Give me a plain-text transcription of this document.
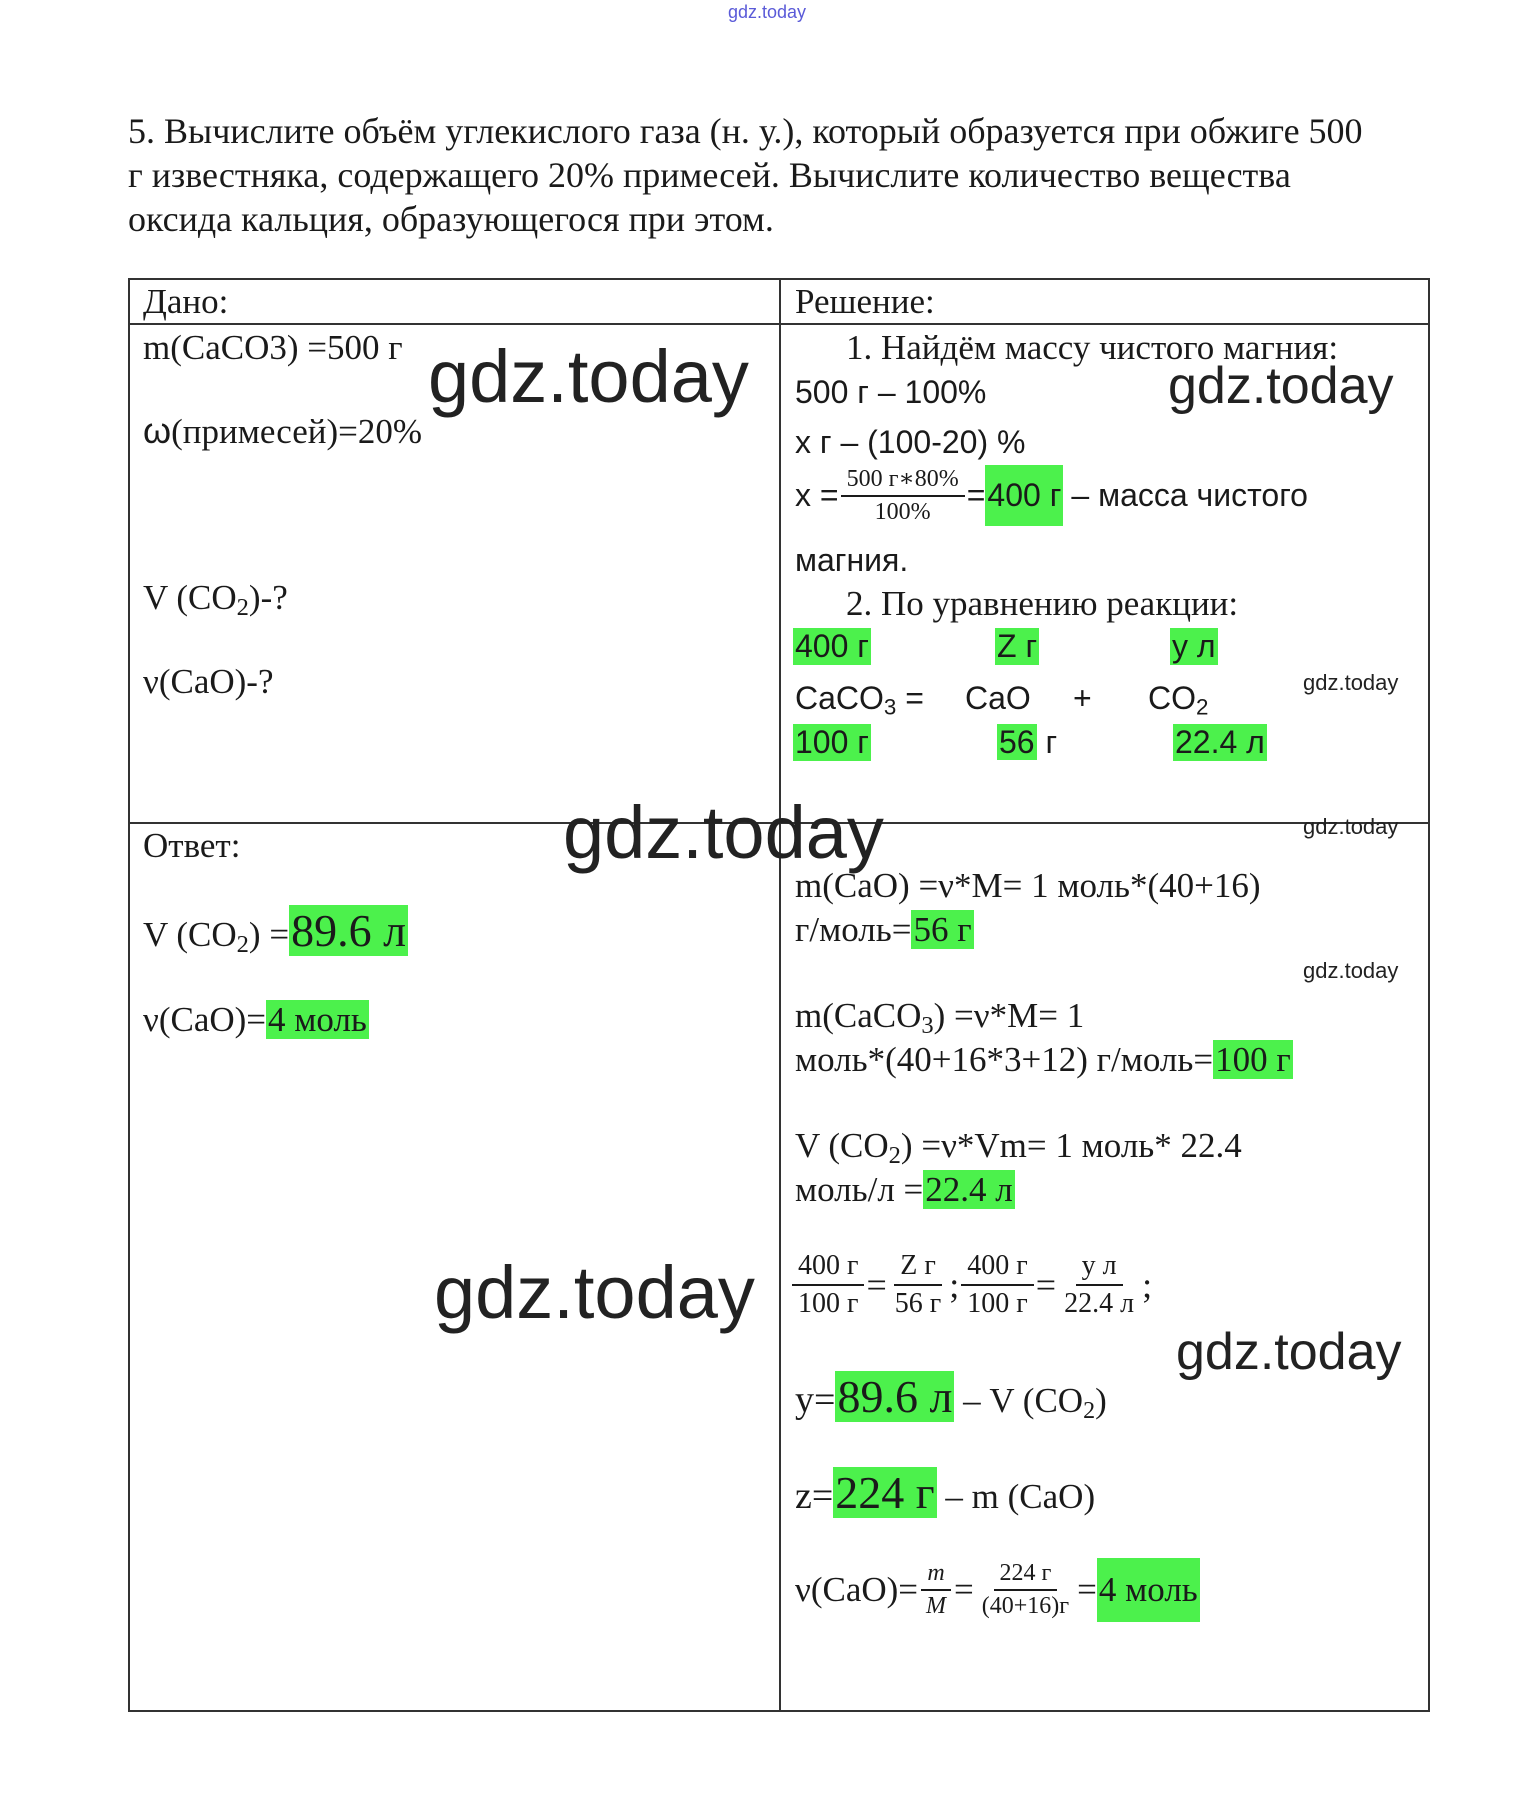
gdz.today
5. Вычислите объём углекислого газа (н. у.), который образуется при обжиге 500
г известняка, содержащего 20% примесей. Вычислите количество вещества
оксида кальция, образующегося при этом.
Дано:	Решение:
Ответ:
m(CaCO3) =500 г
ω(примесей)=20%
V $(CO_2)-$?
ν(CaO)-?
V $(CO_2) =89.6$ л
ν(CaO)=4 моль
1. Найдём массу чистого магния:
500 г – 100%
х г – (100-20) %
$х = \frac{500 г∗80\%}{100\%} = 400$ г – масса чистого
магния.
2. По уравнению реакции:
400 г	Z г	у л
CaCO$_3$ = CaO + $CO_2$
100 г	56 г	22.4 л
m(CaO) =ν*M= 1 моль*(40+16)
г/моль=56 г
m(CaCO$_3$) =ν*M= 1
моль*(40+16*3+12) г/моль=100 г
V $(CO_2) =\nu*Vm= 1$ моль* 22.4
моль/л =22.4 л
$\frac{400 г}{100 г} = \frac{\text{Z г}}{56 г}$ ; $\frac{400 г}{100 г} = \frac{\text{у л}}{22.4 л}$ ;
y=89.6 л – V $(CO_2)$
z=224 г – m (CaO)
$\nu(CaO)= \frac{m}{M} = \frac{224 г}{(40+16)г} = 4$ моль
gdz.today	gdz.today
gdz.today
gdz.today	gdz.today
gdz.today
gdz.today
gdz.today
